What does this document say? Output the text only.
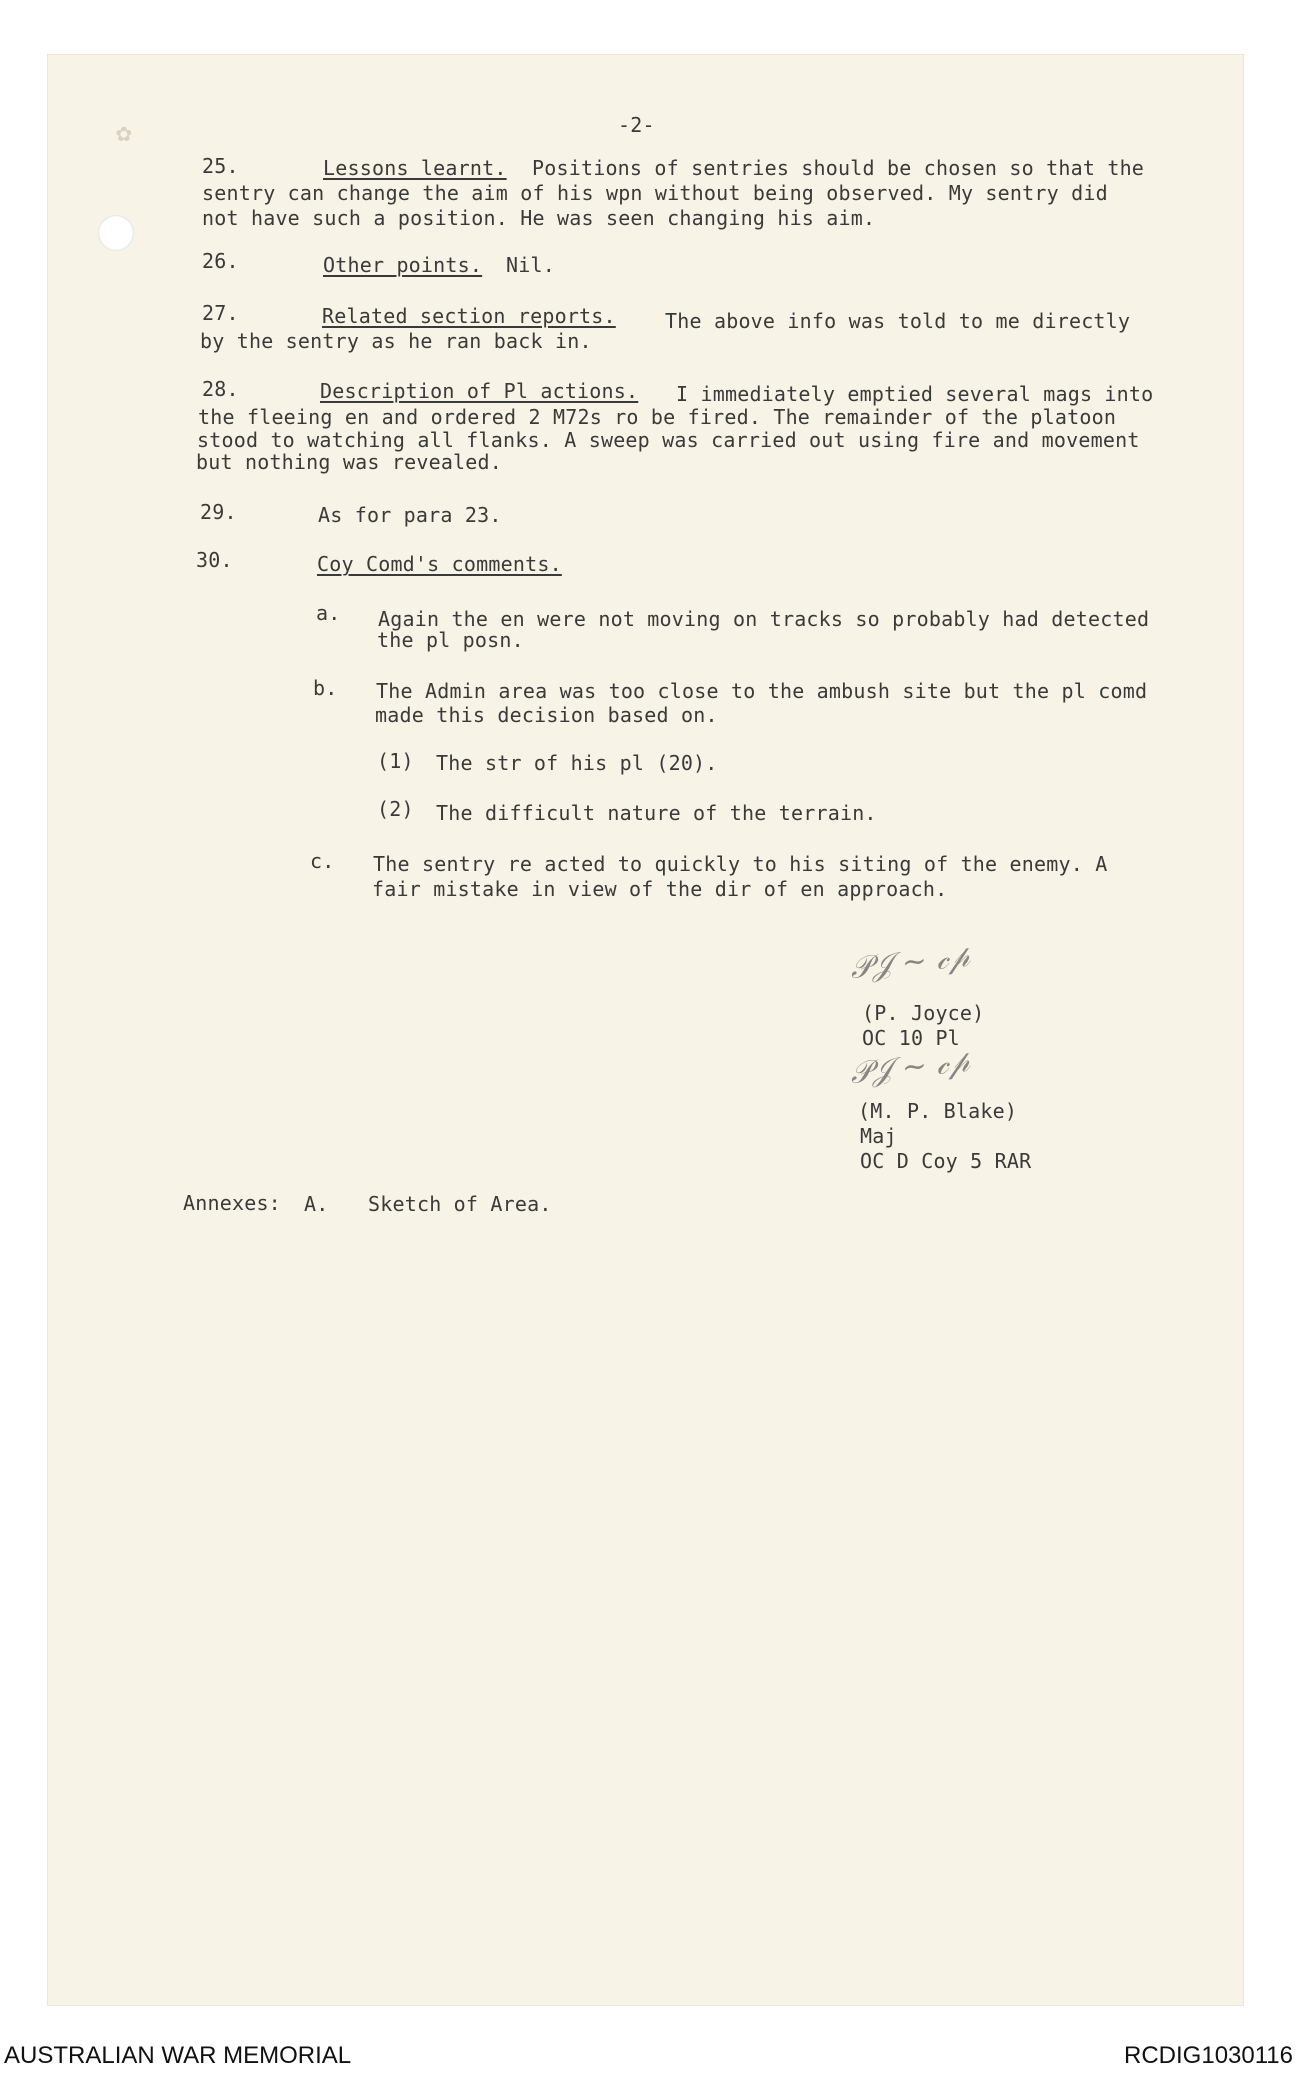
✿	-2-
25.	Lessons learnt. Positions of sentries should be chosen so that the
sentry can change the aim of his wpn without being observed. My sentry did
not have such a position. He was seen changing his aim.
26.	Other points. Nil.
27.	Related section reports. The above info was told to me directly
by the sentry as he ran back in.
28.	Description of Pl actions. I immediately emptied several mags into
the fleeing en and ordered 2 M72s ro be fired. The remainder of the platoon
stood to watching all flanks. A sweep was carried out using fire and movement
but nothing was revealed.
29.	As for para 23.
30.	Coy Comd's comments.
a. Again the en were not moving on tracks so probably had detected
the pl posn.
b. The Admin area was too close to the ambush site but the pl comd
made this decision based on.
(1) The str of his pl (20).
(2) The difficult nature of the terrain.
c. The sentry re acted to quickly to his siting of the enemy. A
fair mistake in view of the dir of en approach.
𝒫𝒥 ~ 𝒸𝓅
(P. Joyce)
OC 10 Pl
𝒫𝒥 ~ 𝒸𝓅
(M. P. Blake)
Maj
OC D Coy 5 RAR
Annexes: A. Sketch of Area.
AUSTRALIAN WAR MEMORIAL	RCDIG1030116
